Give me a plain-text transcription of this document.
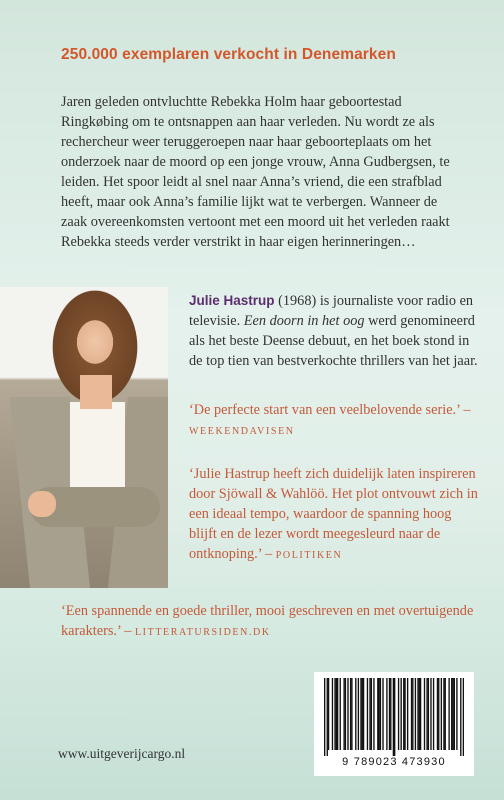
250.000 exemplaren verkocht in Denemarken
Jaren geleden ontvluchtte Rebekka Holm haar geboortestad Ringkøbing om te ontsnappen aan haar verleden. Nu wordt ze als rechercheur weer teruggeroepen naar haar geboorteplaats om het onderzoek naar de moord op een jonge vrouw, Anna Gudbergsen, te leiden. Het spoor leidt al snel naar Anna’s vriend, die een strafblad heeft, maar ook Anna’s familie lijkt wat te verbergen. Wanneer de zaak overeenkomsten vertoont met een moord uit het verleden raakt Rebekka steeds verder verstrikt in haar eigen herinneringen…
Julie Hastrup (1968) is journaliste voor radio en televisie. Een doorn in het oog werd genomineerd als het beste Deense debuut, en het boek stond in de top tien van bestverkochte thrillers van het jaar.
‘De perfecte start van een veelbelovende serie.’ – WEEKENDAVISEN
‘Julie Hastrup heeft zich duidelijk laten inspireren door Sjöwall & Wahlöö. Het plot ontvouwt zich in een ideaal tempo, waardoor de spanning hoog blijft en de lezer wordt meegesleurd naar de ontknoping.’ – POLITIKEN
‘Een spannende en goede thriller, mooi geschreven en met overtuigende karakters.’ – LITTERATURSIDEN.DK
9 789023 473930
www.uitgeverijcargo.nl
